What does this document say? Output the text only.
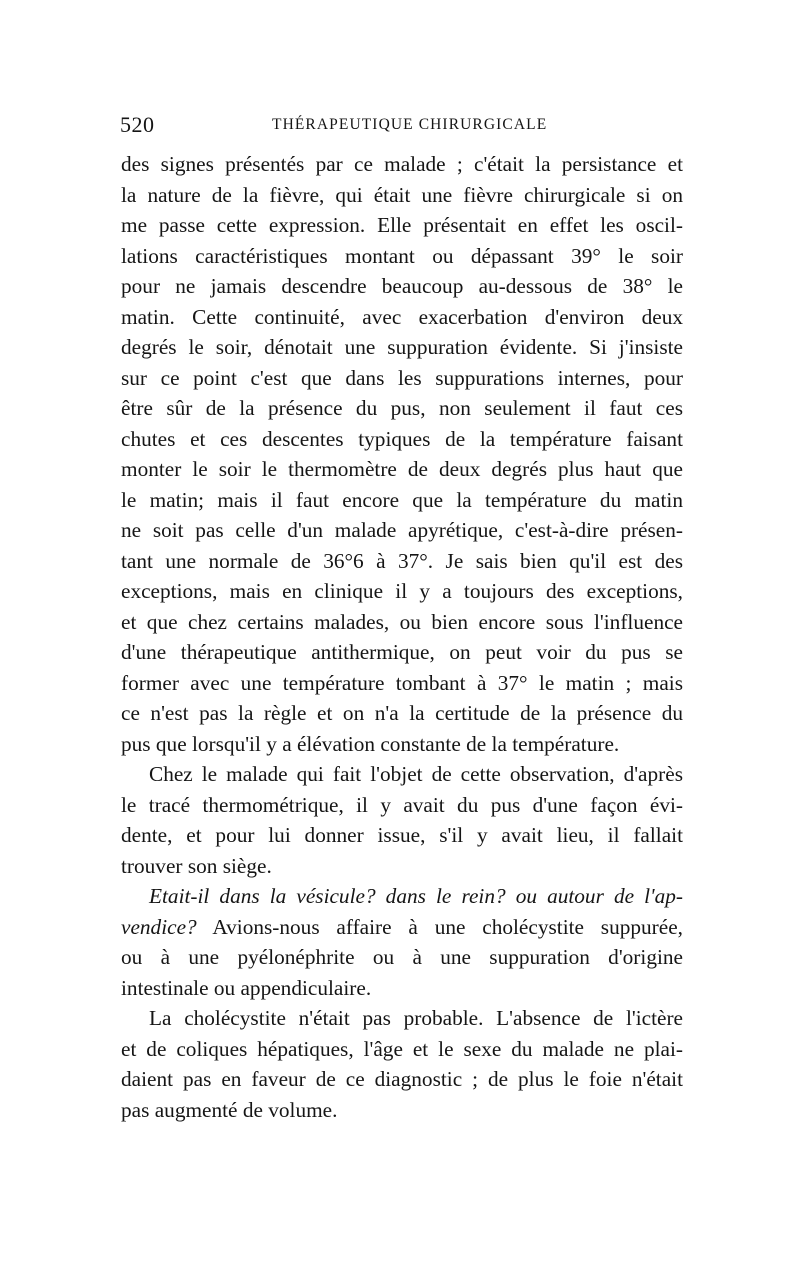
520	THÉRAPEUTIQUE CHIRURGICALE
des signes présentés par ce malade ; c'était la persistance et
la nature de la fièvre, qui était une fièvre chirurgicale si on
me passe cette expression. Elle présentait en effet les oscil-
lations caractéristiques montant ou dépassant 39° le soir
pour ne jamais descendre beaucoup au-dessous de 38° le
matin. Cette continuité, avec exacerbation d'environ deux
degrés le soir, dénotait une suppuration évidente. Si j'insiste
sur ce point c'est que dans les suppurations internes, pour
être sûr de la présence du pus, non seulement il faut ces
chutes et ces descentes typiques de la température faisant
monter le soir le thermomètre de deux degrés plus haut que
le matin; mais il faut encore que la température du matin
ne soit pas celle d'un malade apyrétique, c'est-à-dire présen-
tant une normale de 36°6 à 37°. Je sais bien qu'il est des
exceptions, mais en clinique il y a toujours des exceptions,
et que chez certains malades, ou bien encore sous l'influence
d'une thérapeutique antithermique, on peut voir du pus se
former avec une température tombant à 37° le matin ; mais
ce n'est pas la règle et on n'a la certitude de la présence du
pus que lorsqu'il y a élévation constante de la température.
Chez le malade qui fait l'objet de cette observation, d'après
le tracé thermométrique, il y avait du pus d'une façon évi-
dente, et pour lui donner issue, s'il y avait lieu, il fallait
trouver son siège.
Etait-il dans la vésicule? dans le rein? ou autour de l'ap-
vendice? Avions-nous affaire à une cholécystite suppurée,
ou à une pyélonéphrite ou à une suppuration d'origine
intestinale ou appendiculaire.
La cholécystite n'était pas probable. L'absence de l'ictère
et de coliques hépatiques, l'âge et le sexe du malade ne plai-
daient pas en faveur de ce diagnostic ; de plus le foie n'était
pas augmenté de volume.
